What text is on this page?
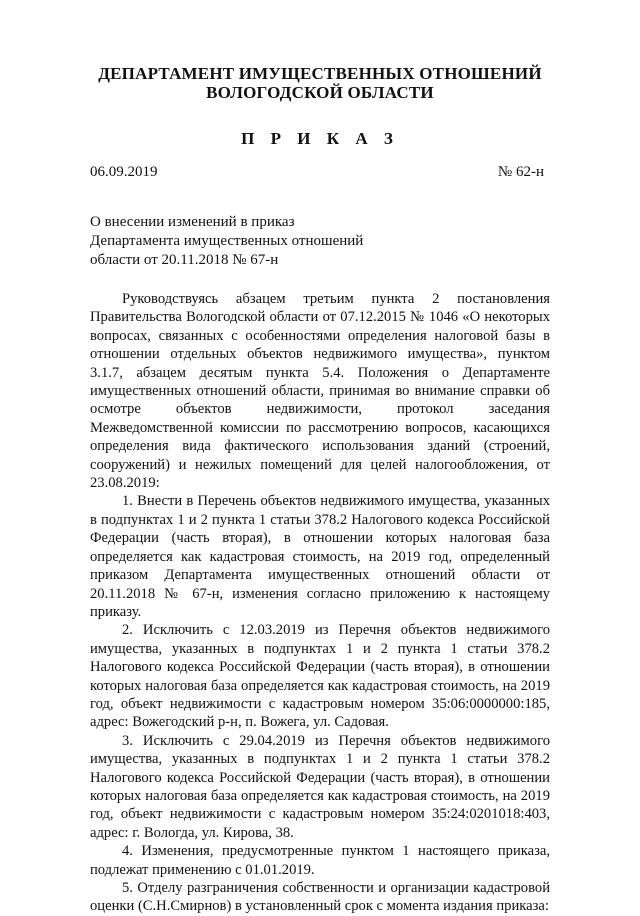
ДЕПАРТАМЕНТ ИМУЩЕСТВЕННЫХ ОТНОШЕНИЙ
ВОЛОГОДСКОЙ ОБЛАСТИ
П Р И К А З
06.09.2019	№ 62-н
О внесении изменений в приказ
Департамента имущественных отношений
области от 20.11.2018 № 67-н

Руководствуясь абзацем третьим пункта 2 постановления Правительства Вологодской области от 07.12.2015 № 1046 «О некоторых вопросах, связанных с особенностями определения налоговой базы в отношении отдельных объектов недвижимого имущества», пунктом 3.1.7, абзацем десятым пункта 5.4. Положения о Департаменте имущественных отношений области, принимая во внимание справки об осмотре объектов недвижимости, протокол заседания Межведомственной комиссии по рассмотрению вопросов, касающихся определения вида фактического использования зданий (строений, сооружений) и нежилых помещений для целей налогообложения, от 23.08.2019:

1. Внести в Перечень объектов недвижимого имущества, указанных в подпунктах 1 и 2 пункта 1 статьи 378.2 Налогового кодекса Российской Федерации (часть вторая), в отношении которых налоговая база определяется как кадастровая стоимость, на 2019 год, определенный приказом Департамента имущественных отношений области от 20.11.2018 № 67-н, изменения согласно приложению к настоящему приказу.

2. Исключить с 12.03.2019 из Перечня объектов недвижимого имущества, указанных в подпунктах 1 и 2 пункта 1 статьи 378.2 Налогового кодекса Российской Федерации (часть вторая), в отношении которых налоговая база определяется как кадастровая стоимость, на 2019 год, объект недвижимости с кадастровым номером 35:06:0000000:185, адрес: Вожегодский р-н, п. Вожега, ул. Садовая.

3. Исключить с 29.04.2019 из Перечня объектов недвижимого имущества, указанных в подпунктах 1 и 2 пункта 1 статьи 378.2 Налогового кодекса Российской Федерации (часть вторая), в отношении которых налоговая база определяется как кадастровая стоимость, на 2019 год, объект недвижимости с кадастровым номером 35:24:0201018:403, адрес: г. Вологда, ул. Кирова, 38.

4. Изменения, предусмотренные пунктом 1 настоящего приказа, подлежат применению с 01.01.2019.

5. Отделу разграничения собственности и организации кадастровой оценки (С.Н.Смирнов) в установленный срок с момента издания приказа:
